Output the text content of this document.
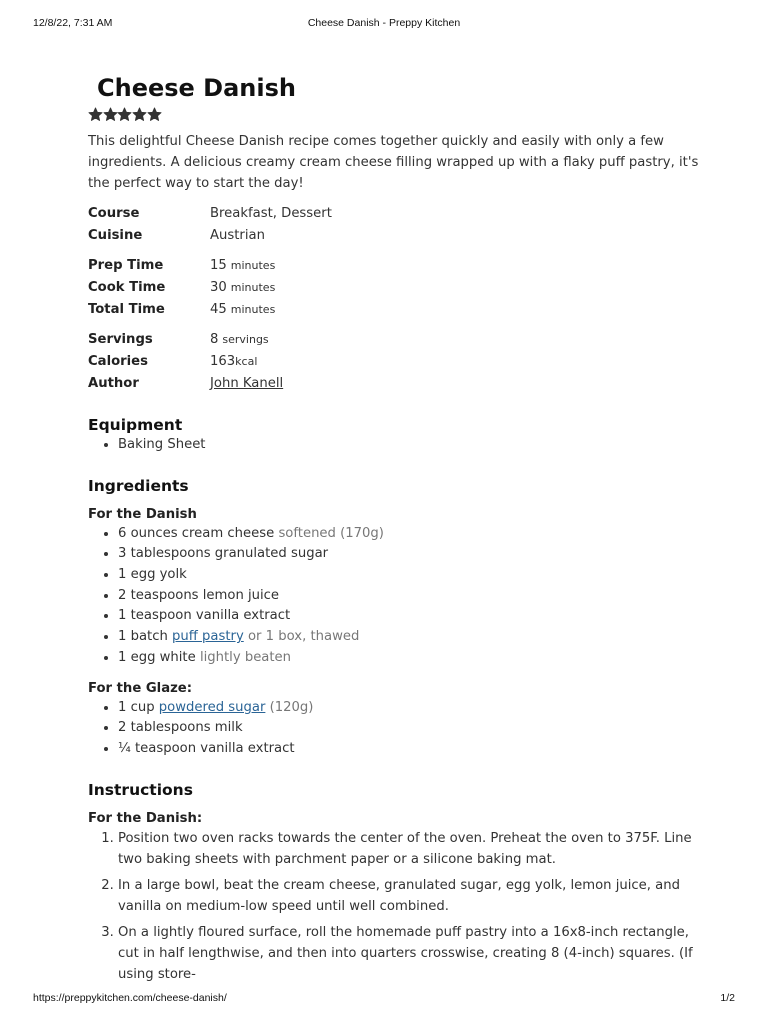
12/8/22, 7:31 AM	Cheese Danish - Preppy Kitchen
Cheese Danish
This delightful Cheese Danish recipe comes together quickly and easily with only a few ingredients. A delicious creamy cream cheese filling wrapped up with a flaky puff pastry, it's the perfect way to start the day!
Course	Breakfast, Dessert
Cuisine	Austrian
Prep Time	15 minutes
Cook Time	30 minutes
Total Time	45 minutes
Servings	8 servings
Calories	163 kcal
Author	John Kanell
Equipment
• Baking Sheet
Ingredients
For the Danish
• 6 ounces cream cheese softened (170g)
• 3 tablespoons granulated sugar
• 1 egg yolk
• 2 teaspoons lemon juice
• 1 teaspoon vanilla extract
• 1 batch puff pastry or 1 box, thawed
• 1 egg white lightly beaten
For the Glaze:
• 1 cup powdered sugar (120g)
• 2 tablespoons milk
• ¼ teaspoon vanilla extract
Instructions
For the Danish:
1. Position two oven racks towards the center of the oven. Preheat the oven to 375F. Line two baking sheets with parchment paper or a silicone baking mat.
2. In a large bowl, beat the cream cheese, granulated sugar, egg yolk, lemon juice, and vanilla on medium-low speed until well combined.
3. On a lightly floured surface, roll the homemade puff pastry into a 16x8-inch rectangle, cut in half lengthwise, and then into quarters crosswise, creating 8 (4-inch) squares. (If using store-
https://preppykitchen.com/cheese-danish/	1/2
